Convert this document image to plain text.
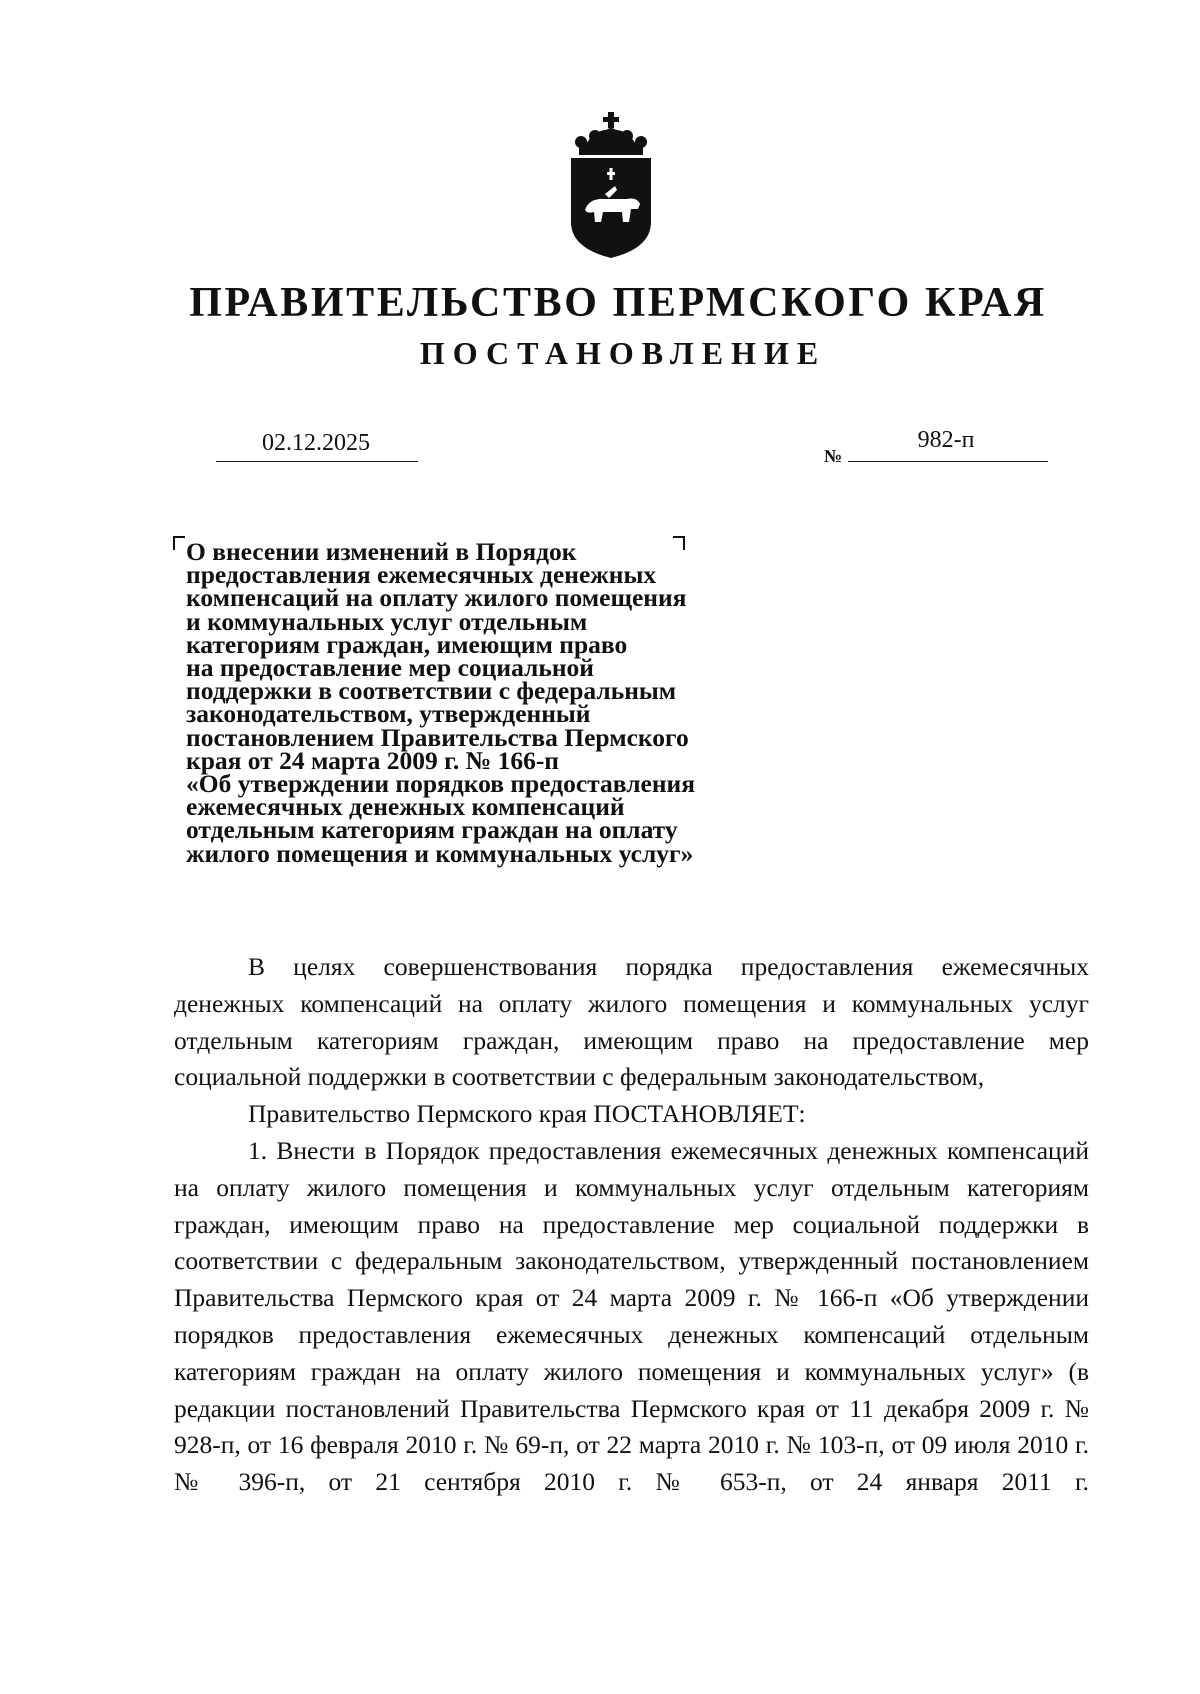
ПРАВИТЕЛЬСТВО ПЕРМСКОГО КРАЯ
ПОСТАНОВЛЕНИЕ
02.12.2025	№
982-п
О внесении изменений в Порядок
предоставления ежемесячных денежных
компенсаций на оплату жилого помещения
и коммунальных услуг отдельным
категориям граждан, имеющим право
на предоставление мер социальной
поддержки в соответствии с федеральным
законодательством, утвержденный
постановлением Правительства Пермского
края от 24 марта 2009 г. № 166-п
«Об утверждении порядков предоставления
ежемесячных денежных компенсаций
отдельным категориям граждан на оплату
жилого помещения и коммунальных услуг»

В целях совершенствования порядка предоставления ежемесячных денежных компенсаций на оплату жилого помещения и коммунальных услуг отдельным категориям граждан, имеющим право на предоставление мер социальной поддержки в соответствии с федеральным законодательством,

Правительство Пермского края ПОСТАНОВЛЯЕТ:

1. Внести в Порядок предоставления ежемесячных денежных компенсаций на оплату жилого помещения и коммунальных услуг отдельным категориям граждан, имеющим право на предоставление мер социальной поддержки в соответствии с федеральным законодательством, утвержденный постановлением Правительства Пермского края от 24 марта 2009 г. № 166-п «Об утверждении порядков предоставления ежемесячных денежных компенсаций отдельным категориям граждан на оплату жилого помещения и коммунальных услуг» (в редакции постановлений Правительства Пермского края от 11 декабря 2009 г. № 928-п, от 16 февраля 2010 г. № 69-п, от 22 марта 2010 г. № 103-п, от 09 июля 2010 г. № 396-п, от 21 сентября 2010 г. № 653-п, от 24 января 2011 г.
